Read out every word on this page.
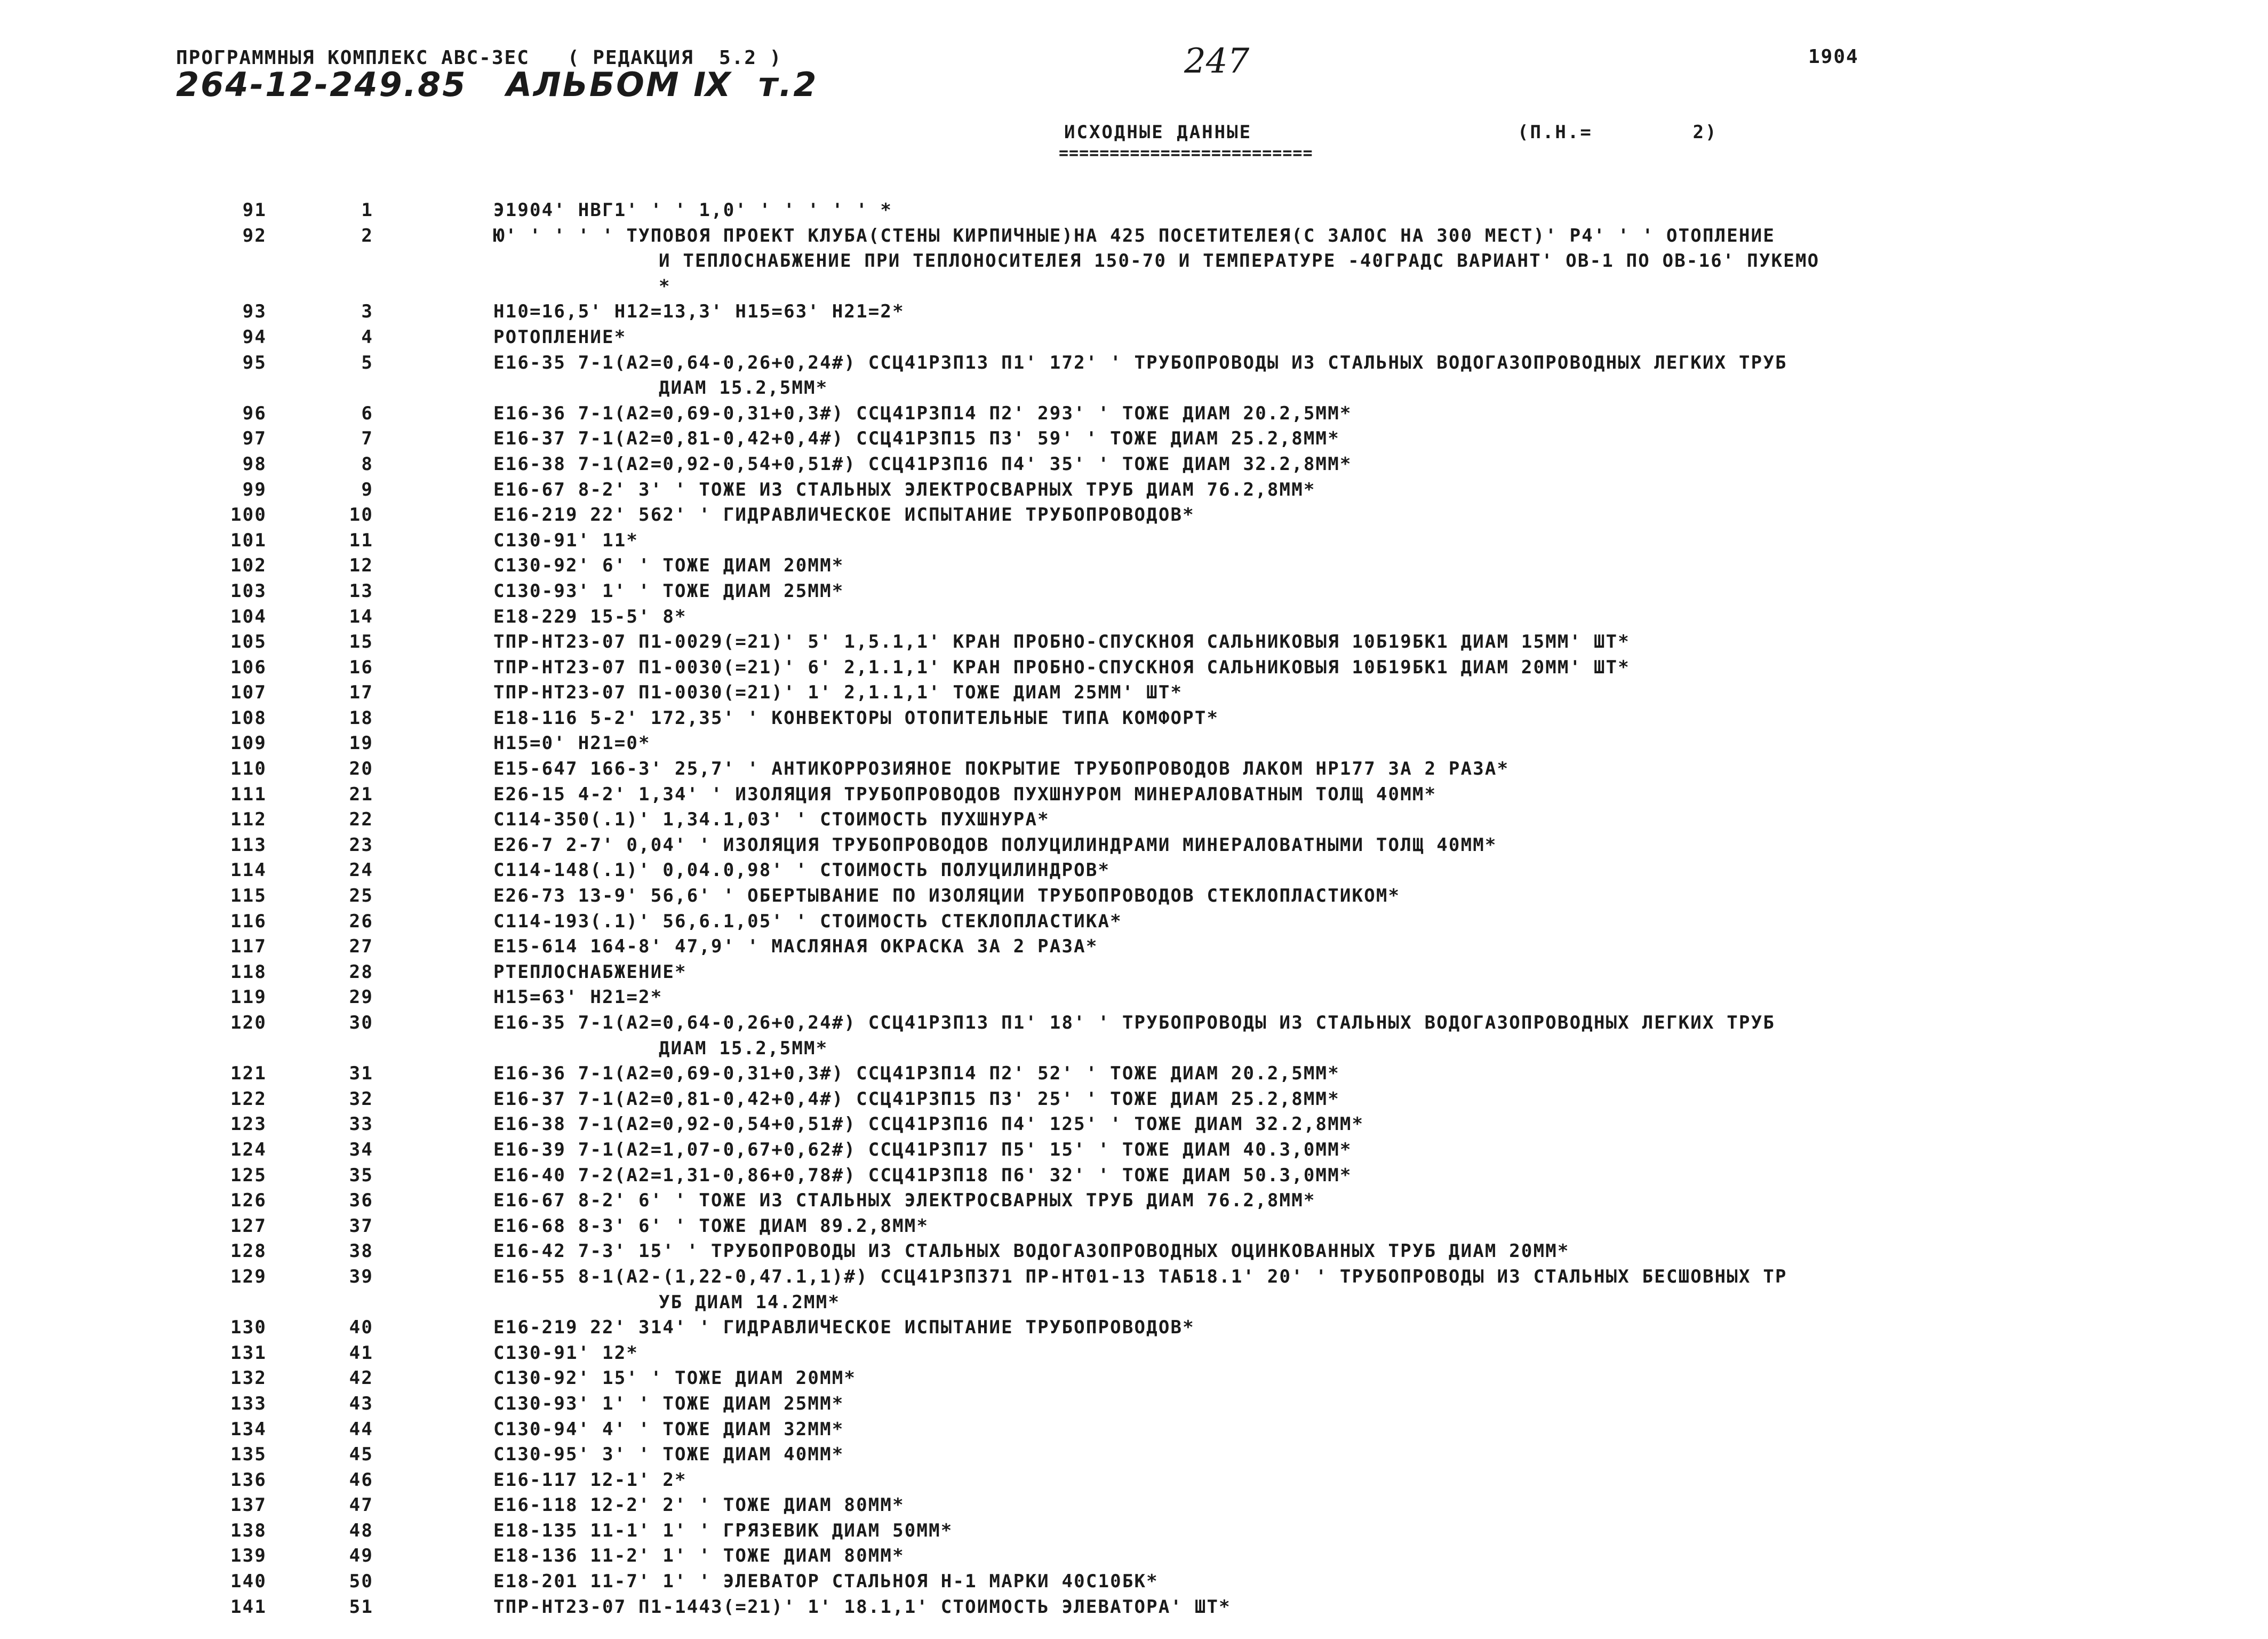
ПРОГРАММНЫЯ КОМПЛЕКС АВС-ЗЕС   ( РЕДАКЦИЯ  5.2 )
264-12-249.85   АЛЬБОМ Ⅸ  т.2
247	1904
ИСХОДНЫЕ ДАННЫЕ
=========================
(П.Н.=        2)
91	1	Э1904' НВГ1' ' ' 1,0' ' ' ' ' ' *
92	2	Ю' ' ' ' ' ТУПОВОЯ ПРОЕКТ КЛУБА(СТЕНЫ КИРПИЧНЫЕ)НА 425 ПОСЕТИТЕЛЕЯ(С ЗАЛОС НА 300 МЕСТ)' Р4' ' ' ОТОПЛЕНИЕ
И ТЕПЛОСНАБЖЕНИЕ ПРИ ТЕПЛОНОСИТЕЛЕЯ 150-70 И ТЕМПЕРАТУРЕ -40ГРАДС ВАРИАНТ' ОВ-1 ПО ОВ-16' ПУКЕМО
*
93	3	Н10=16,5' Н12=13,3' Н15=63' Н21=2*
94	4	РОТОПЛЕНИЕ*
95	5	Е16-35 7-1(А2=0,64-0,26+0,24#) ССЦ41Р3П13 П1' 172' ' ТРУБОПРОВОДЫ ИЗ СТАЛЬНЫХ ВОДОГАЗОПРОВОДНЫХ ЛЕГКИХ ТРУБ
ДИАМ 15.2,5ММ*
96	6	Е16-36 7-1(А2=0,69-0,31+0,3#) ССЦ41Р3П14 П2' 293' ' ТОЖЕ ДИАМ 20.2,5ММ*
97	7	Е16-37 7-1(А2=0,81-0,42+0,4#) ССЦ41Р3П15 П3' 59' ' ТОЖЕ ДИАМ 25.2,8ММ*
98	8	Е16-38 7-1(А2=0,92-0,54+0,51#) ССЦ41Р3П16 П4' 35' ' ТОЖЕ ДИАМ 32.2,8ММ*
99	9	Е16-67 8-2' 3' ' ТОЖЕ ИЗ СТАЛЬНЫХ ЭЛЕКТРОСВАРНЫХ ТРУБ ДИАМ 76.2,8ММ*
100	10	Е16-219 22' 562' ' ГИДРАВЛИЧЕСКОЕ ИСПЫТАНИЕ ТРУБОПРОВОДОВ*
101	11	С130-91' 11*
102	12	С130-92' 6' ' ТОЖЕ ДИАМ 20ММ*
103	13	С130-93' 1' ' ТОЖЕ ДИАМ 25ММ*
104	14	Е18-229 15-5' 8*
105	15	ТПР-НТ23-07 П1-0029(=21)' 5' 1,5.1,1' КРАН ПРОБНО-СПУСКНОЯ САЛЬНИКОВЫЯ 10Б19БК1 ДИАМ 15ММ' ШТ*
106	16	ТПР-НТ23-07 П1-0030(=21)' 6' 2,1.1,1' КРАН ПРОБНО-СПУСКНОЯ САЛЬНИКОВЫЯ 10Б19БК1 ДИАМ 20ММ' ШТ*
107	17	ТПР-НТ23-07 П1-0030(=21)' 1' 2,1.1,1' ТОЖЕ ДИАМ 25ММ' ШТ*
108	18	Е18-116 5-2' 172,35' ' КОНВЕКТОРЫ ОТОПИТЕЛЬНЫЕ ТИПА КОМФОРТ*
109	19	Н15=0' Н21=0*
110	20	Е15-647 166-3' 25,7' ' АНТИКОРРОЗИЯНОЕ ПОКРЫТИЕ ТРУБОПРОВОДОВ ЛАКОМ НР177 ЗА 2 РАЗА*
111	21	Е26-15 4-2' 1,34' ' ИЗОЛЯЦИЯ ТРУБОПРОВОДОВ ПУХШНУРОМ МИНЕРАЛОВАТНЫМ ТОЛЩ 40ММ*
112	22	С114-350(.1)' 1,34.1,03' ' СТОИМОСТЬ ПУХШНУРА*
113	23	Е26-7 2-7' 0,04' ' ИЗОЛЯЦИЯ ТРУБОПРОВОДОВ ПОЛУЦИЛИНДРАМИ МИНЕРАЛОВАТНЫМИ ТОЛЩ 40ММ*
114	24	С114-148(.1)' 0,04.0,98' ' СТОИМОСТЬ ПОЛУЦИЛИНДРОВ*
115	25	Е26-73 13-9' 56,6' ' ОБЕРТЫВАНИЕ ПО ИЗОЛЯЦИИ ТРУБОПРОВОДОВ СТЕКЛОПЛАСТИКОМ*
116	26	С114-193(.1)' 56,6.1,05' ' СТОИМОСТЬ СТЕКЛОПЛАСТИКА*
117	27	Е15-614 164-8' 47,9' ' МАСЛЯНАЯ ОКРАСКА ЗА 2 РАЗА*
118	28	РТЕПЛОСНАБЖЕНИЕ*
119	29	Н15=63' Н21=2*
120	30	Е16-35 7-1(А2=0,64-0,26+0,24#) ССЦ41Р3П13 П1' 18' ' ТРУБОПРОВОДЫ ИЗ СТАЛЬНЫХ ВОДОГАЗОПРОВОДНЫХ ЛЕГКИХ ТРУБ
ДИАМ 15.2,5ММ*
121	31	Е16-36 7-1(А2=0,69-0,31+0,3#) ССЦ41Р3П14 П2' 52' ' ТОЖЕ ДИАМ 20.2,5ММ*
122	32	Е16-37 7-1(А2=0,81-0,42+0,4#) ССЦ41Р3П15 П3' 25' ' ТОЖЕ ДИАМ 25.2,8ММ*
123	33	Е16-38 7-1(А2=0,92-0,54+0,51#) ССЦ41Р3П16 П4' 125' ' ТОЖЕ ДИАМ 32.2,8ММ*
124	34	Е16-39 7-1(А2=1,07-0,67+0,62#) ССЦ41Р3П17 П5' 15' ' ТОЖЕ ДИАМ 40.3,0ММ*
125	35	Е16-40 7-2(А2=1,31-0,86+0,78#) ССЦ41Р3П18 П6' 32' ' ТОЖЕ ДИАМ 50.3,0ММ*
126	36	Е16-67 8-2' 6' ' ТОЖЕ ИЗ СТАЛЬНЫХ ЭЛЕКТРОСВАРНЫХ ТРУБ ДИАМ 76.2,8ММ*
127	37	Е16-68 8-3' 6' ' ТОЖЕ ДИАМ 89.2,8ММ*
128	38	Е16-42 7-3' 15' ' ТРУБОПРОВОДЫ ИЗ СТАЛЬНЫХ ВОДОГАЗОПРОВОДНЫХ ОЦИНКОВАННЫХ ТРУБ ДИАМ 20ММ*
129	39	Е16-55 8-1(А2-(1,22-0,47.1,1)#) ССЦ41Р3П371 ПР-НТ01-13 ТАБ18.1' 20' ' ТРУБОПРОВОДЫ ИЗ СТАЛЬНЫХ БЕСШОВНЫХ ТР
УБ ДИАМ 14.2ММ*
130	40	Е16-219 22' 314' ' ГИДРАВЛИЧЕСКОЕ ИСПЫТАНИЕ ТРУБОПРОВОДОВ*
131	41	С130-91' 12*
132	42	С130-92' 15' ' ТОЖЕ ДИАМ 20ММ*
133	43	С130-93' 1' ' ТОЖЕ ДИАМ 25ММ*
134	44	С130-94' 4' ' ТОЖЕ ДИАМ 32ММ*
135	45	С130-95' 3' ' ТОЖЕ ДИАМ 40ММ*
136	46	Е16-117 12-1' 2*
137	47	Е16-118 12-2' 2' ' ТОЖЕ ДИАМ 80ММ*
138	48	Е18-135 11-1' 1' ' ГРЯЗЕВИК ДИАМ 50ММ*
139	49	Е18-136 11-2' 1' ' ТОЖЕ ДИАМ 80ММ*
140	50	Е18-201 11-7' 1' ' ЭЛЕВАТОР СТАЛЬНОЯ Н-1 МАРКИ 40С10БК*
141	51	ТПР-НТ23-07 П1-1443(=21)' 1' 18.1,1' СТОИМОСТЬ ЭЛЕВАТОРА' ШТ*
